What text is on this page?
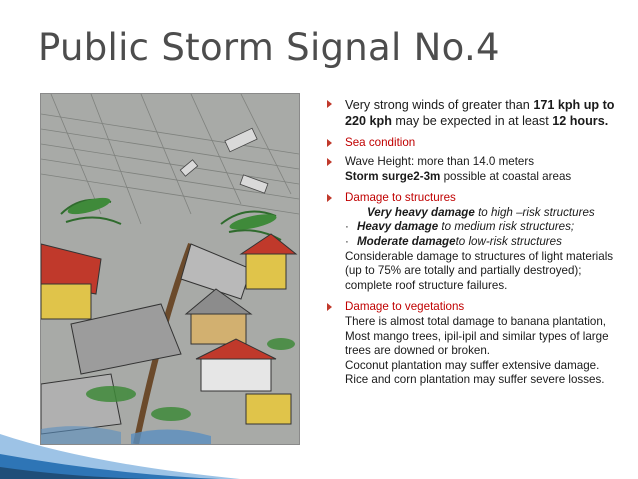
Public Storm Signal No.4
Very strong winds of greater than 171 kph up to 220 kph may be expected in at least 12 hours.
Sea condition
Wave Height: more than 14.0 meters
Storm surge2-3m possible at coastal areas
Damage to structures
Very heavy damage to high –risk structures
· Heavy damage to medium risk structures;
· Moderate damageto low-risk structures
Considerable damage to structures of light materials (up to 75% are totally and partially destroyed); complete roof structure failures.
Damage to vegetations
There is almost total damage to banana plantation,
Most mango trees, ipil-ipil and similar types of large trees are downed or broken.
Coconut plantation may suffer extensive damage.
Rice and corn plantation may suffer severe losses.
